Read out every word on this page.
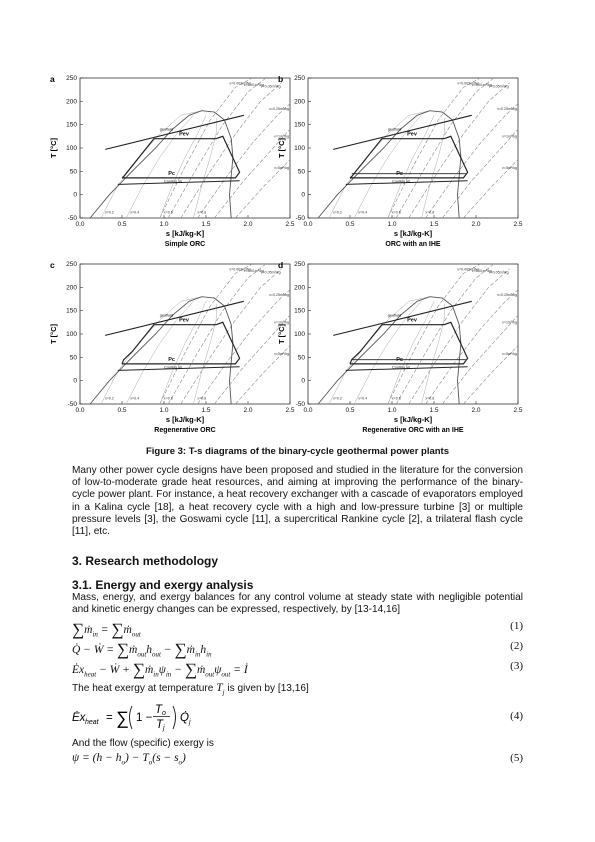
0.0	0.5	1.0	1.5	2.0	2.5
-50
0
50
100
150
200
250
s [kJ/kg-K]
T [°C]
Simple ORC
a	v=0.003m³/kg
v=0.01m³/kg
v=0.05m³/kg
v=0.25m³/kg
v=1m³/kg
v=5m³/kg
x=0.2	x=0.4	x=0.6	x=0.8
geofluid
Cooling air
Pev
Pc
0.0	0.5	1.0	1.5	2.0	2.5
-50
0
50
100
150
200
250
s [kJ/kg-K]
T [°C]
ORC with an IHE
b	v=0.003m³/kg
v=0.01m³/kg
v=0.05m³/kg
v=0.25m³/kg
v=1m³/kg
v=5m³/kg
x=0.2	x=0.4	x=0.6	x=0.8
geofluid
Cooling air
Pev
Pc
0.0	0.5	1.0	1.5	2.0	2.5
-50
0
50
100
150
200
250
s [kJ/kg-K]
T [°C]
Regenerative ORC
c	v=0.003m³/kg
v=0.01m³/kg
v=0.05m³/kg
v=0.25m³/kg
v=1m³/kg
v=5m³/kg
x=0.2	x=0.4	x=0.6	x=0.8
geofluid
Cooling air
Pev
Pc
0.0	0.5	1.0	1.5	2.0	2.5
-50
0
50
100
150
200
250
s [kJ/kg-K]
T [°C]
Regenerative ORC with an IHE
d	v=0.003m³/kg
v=0.01m³/kg
v=0.05m³/kg
v=0.25m³/kg
v=1m³/kg
v=5m³/kg
x=0.2	x=0.4	x=0.6	x=0.8
geofluid
Cooling air
Pev
Pc
Figure 3: T-s diagrams of the binary-cycle geothermal power plants

Many other power cycle designs have been proposed and studied in the literature for the conversion of low-to-moderate grade heat resources, and aiming at improving the performance of the binary-cycle power plant. For instance, a heat recovery exchanger with a cascade of evaporators employed in a Kalina cycle [18], a heat recovery cycle with a high and low-pressure turbine [3] or multiple pressure levels [3], the Goswami cycle [11], a supercritical Rankine cycle [2], a trilateral flash cycle [11], etc.

3. Research methodology
3.1. Energy and exergy analysis

Mass, energy, and exergy balances for any control volume at steady state with negligible potential and kinetic energy changes can be expressed, respectively, by [13-14,16]

∑ṁ$_{in}$ = ∑ṁ$_{out}$
(1)
Q̇ − Ẇ = $\sum ṁ_{out}h_{out}$ − $\sum ṁ_{in}h_{in}$
(2)
$Ėx_{heat}$ − Ẇ + $\sum ṁ_{in}\psi_{in}$ − $\sum ṁ_{out}\psi_{out}$ = İ	(3)

The heat exergy at temperature $T_j$ is given by [13,16]

Ėx heat = ∑ 1 −
T o
T j
Q̇ j
(4)

And the flow (specific) exergy is

$\psi = (h - h_o) - T_o(s - s_o)$	(5)
